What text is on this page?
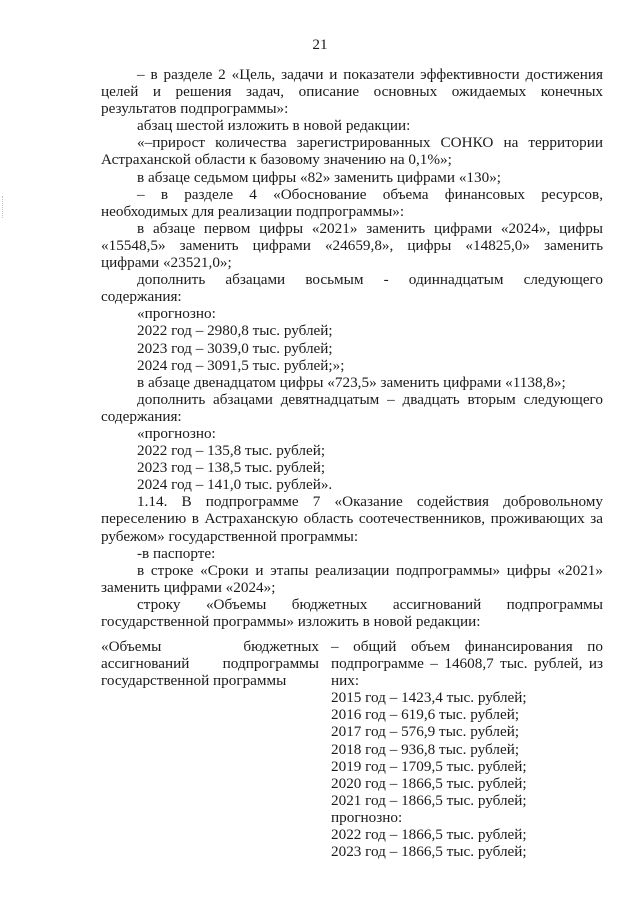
21

– в разделе 2 «Цель, задачи и показатели эффективности достижения целей и решения задач, описание основных ожидаемых конечных результатов подпрограммы»:

абзац шестой изложить в новой редакции:

«–прирост количества зарегистрированных СОНКО на территории Астраханской области к базовому значению на 0,1%»;

в абзаце седьмом цифры «82» заменить цифрами «130»;

– в разделе 4 «Обоснование объема финансовых ресурсов, необходимых для реализации подпрограммы»:

в абзаце первом цифры «2021» заменить цифрами «2024», цифры «15548,5» заменить цифрами «24659,8», цифры «14825,0» заменить цифрами «23521,0»;

дополнить абзацами восьмым - одиннадцатым следующего содержания:

«прогнозно:

2022 год – 2980,8 тыс. рублей;

2023 год – 3039,0 тыс. рублей;

2024 год – 3091,5 тыс. рублей;»;

в абзаце двенадцатом цифры «723,5» заменить цифрами «1138,8»;

дополнить абзацами девятнадцатым – двадцать вторым следующего содержания:

«прогнозно:

2022 год – 135,8 тыс. рублей;

2023 год – 138,5 тыс. рублей;

2024 год – 141,0 тыс. рублей».

1.14. В подпрограмме 7 «Оказание содействия добровольному переселению в Астраханскую область соотечественников, проживающих за рубежом» государственной программы:

-в паспорте:

в строке «Сроки и этапы реализации подпрограммы» цифры «2021» заменить цифрами «2024»;

строку «Объемы бюджетных ассигнований подпрограммы государственной программы» изложить в новой редакции:

«Объемы бюджетных ассигнований подпрограммы государственной программы
– общий объем финансирования по подпрограмме – 14608,7 тыс. рублей, из них:
2015 год – 1423,4 тыс. рублей;
2016 год – 619,6 тыс. рублей;
2017 год – 576,9 тыс. рублей;
2018 год – 936,8 тыс. рублей;
2019 год – 1709,5 тыс. рублей;
2020 год – 1866,5 тыс. рублей;
2021 год – 1866,5 тыс. рублей;
прогнозно:
2022 год – 1866,5 тыс. рублей;
2023 год – 1866,5 тыс. рублей;
